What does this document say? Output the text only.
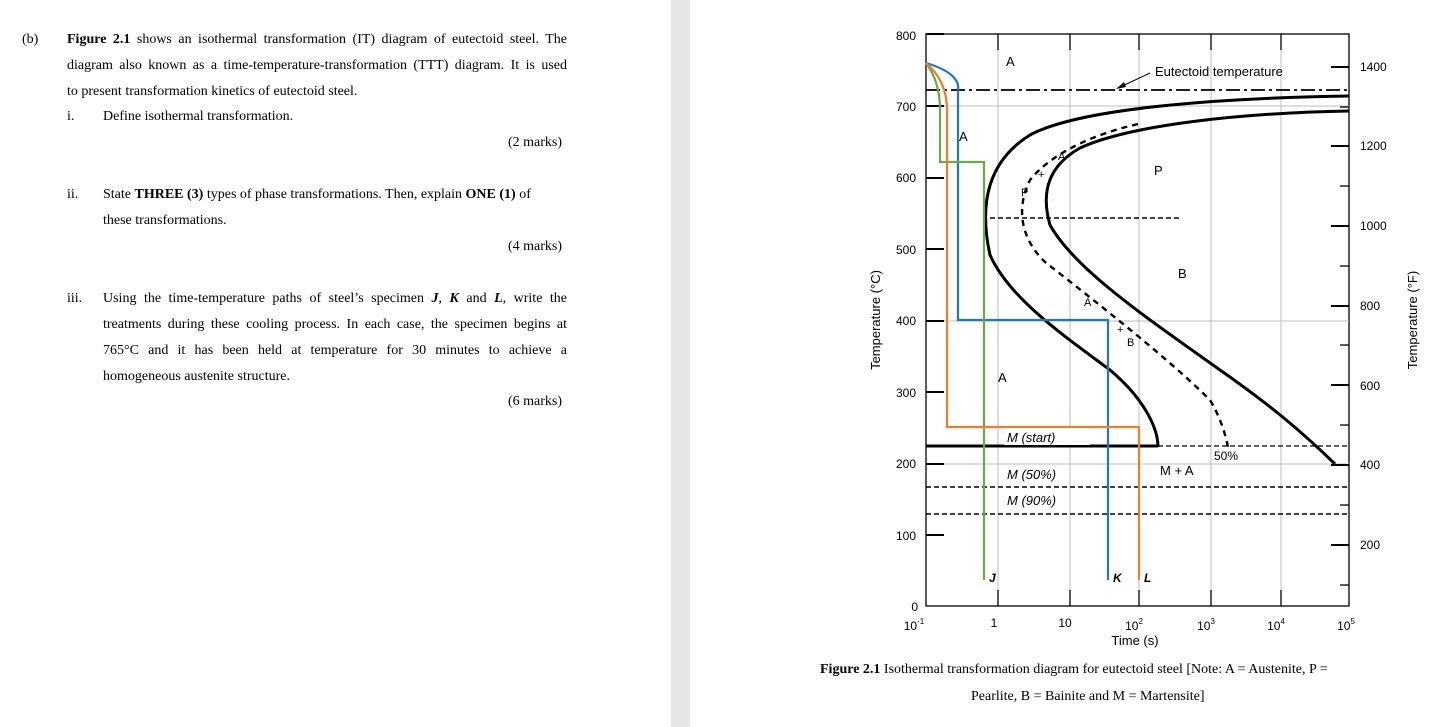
(b) Figure 2.1 shows an isothermal transformation (IT) diagram of eutectoid steel. The
diagram also known as a time-temperature-transformation (TTT) diagram. It is used
to present transformation kinetics of eutectoid steel.
i. Define isothermal transformation.
(2 marks)
ii. State THREE (3) types of phase transformations. Then, explain ONE (1) of
these transformations.
(4 marks)
iii. Using the time-temperature paths of steel’s specimen J, K and L, write the
treatments during these cooling process. In each case, the specimen begins at
765°C and it has been held at temperature for 30 minutes to achieve a
homogeneous austenite structure.
(6 marks)
800
700
600
500
400
300
200
100
0
1400
1200
1000
800
600
400
200
$10^{-1}$	1	10	$10^2$	$10^3$	$10^4$	$10^5$
Time (s)
Temperature (°C)	Temperature (°F)
Eutectoid temperature
A
A
A
A
+
P
P
B
A
+
B
50%
M + A
M (start)
M (50%)
M (90%)
J	K L
Figure 2.1 Isothermal transformation diagram for eutectoid steel [Note: A = Austenite, P =
Pearlite, B = Bainite and M = Martensite]
